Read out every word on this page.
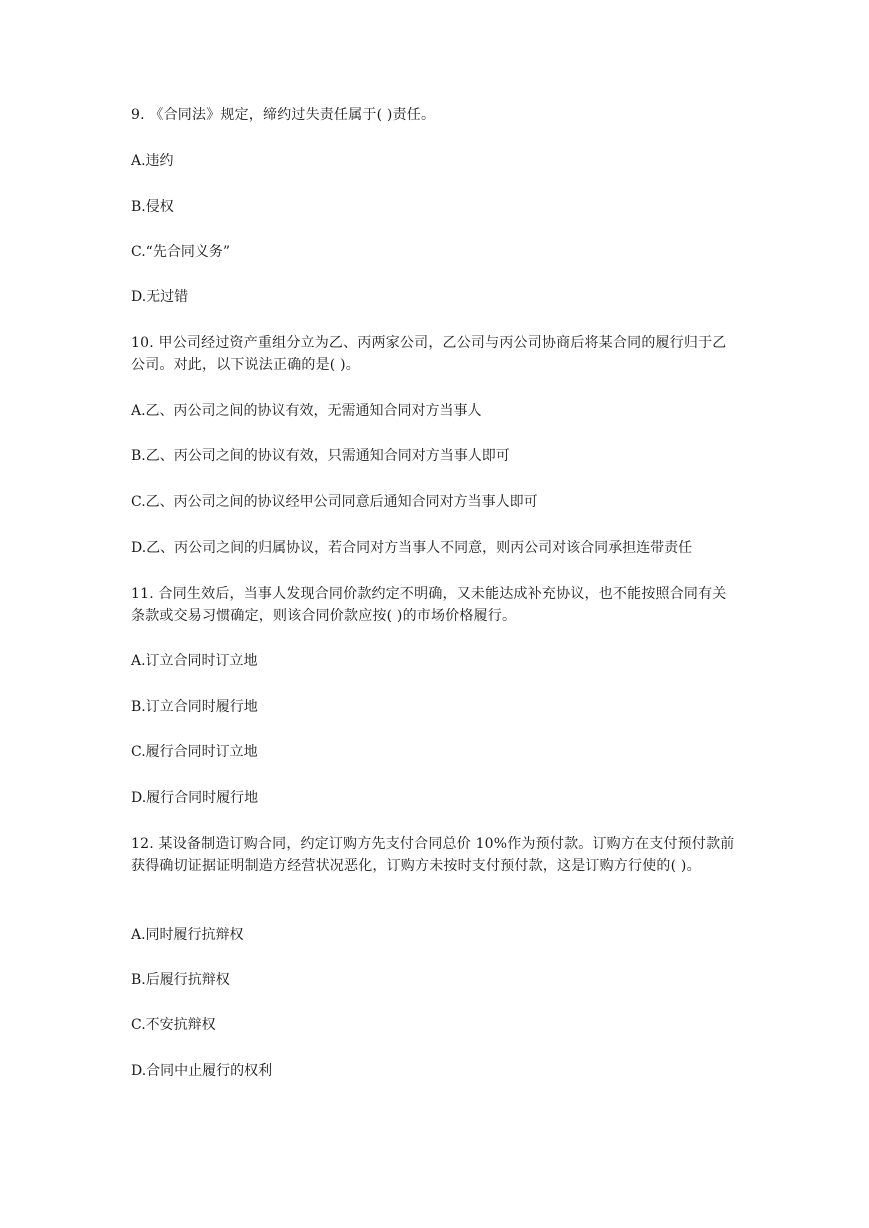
9. 《合同法》规定，缔约过失责任属于( )责任。

A.违约

B.侵权

C.“先合同义务”

D.无过错

10. 甲公司经过资产重组分立为乙、丙两家公司，乙公司与丙公司协商后将某合同的履行归于乙公司。对此，以下说法正确的是( )。

A.乙、丙公司之间的协议有效，无需通知合同对方当事人

B.乙、丙公司之间的协议有效，只需通知合同对方当事人即可

C.乙、丙公司之间的协议经甲公司同意后通知合同对方当事人即可

D.乙、丙公司之间的归属协议，若合同对方当事人不同意，则丙公司对该合同承担连带责任

11. 合同生效后，当事人发现合同价款约定不明确，又未能达成补充协议，也不能按照合同有关条款或交易习惯确定，则该合同价款应按( )的市场价格履行。

A.订立合同时订立地

B.订立合同时履行地

C.履行合同时订立地

D.履行合同时履行地

12. 某设备制造订购合同，约定订购方先支付合同总价 10%作为预付款。订购方在支付预付款前获得确切证据证明制造方经营状况恶化，订购方未按时支付预付款，这是订购方行使的( )。

A.同时履行抗辩权

B.后履行抗辩权

C.不安抗辩权

D.合同中止履行的权利
